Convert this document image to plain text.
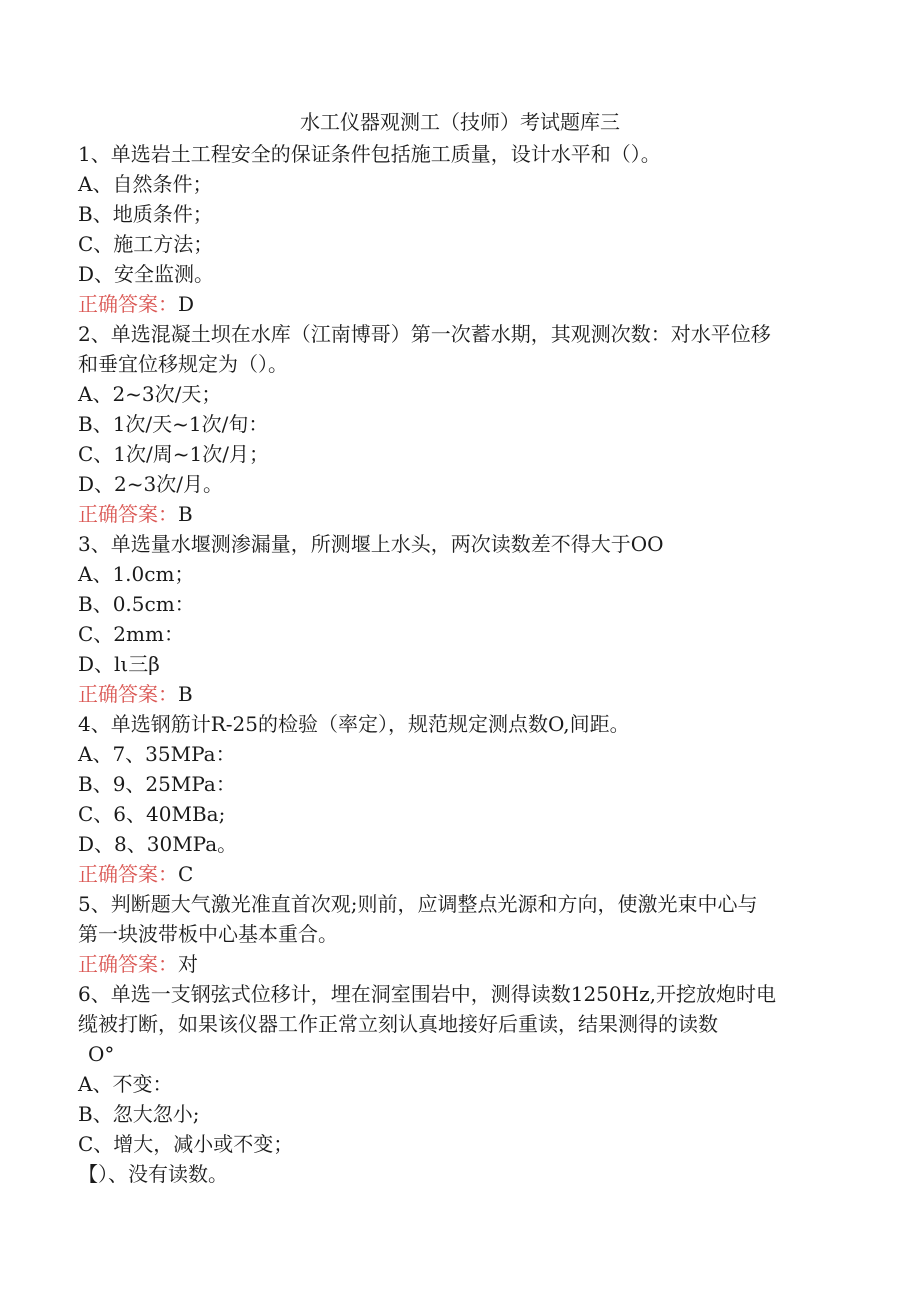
水工仪器观测工（技师）考试题库三
1、单选岩土工程安全的保证条件包括施工质量，设计水平和（）。
A、自然条件；
B、地质条件；
C、施工方法；
D、安全监测。
正确答案：D
2、单选混凝土坝在水库（江南博哥）第一次蓄水期，其观测次数：对水平位移
和垂宜位移规定为（）。
A、2~3次/天；
B、1次/天~1次/旬：
C、1次/周~1次/月；
D、2~3次/月。
正确答案：B
3、单选量水堰测渗漏量，所测堰上水头，两次读数差不得大于OO
A、1.0cm；
B、0.5cm：
C、2mm：
D、lι三β
正确答案：B
4、单选钢筋计R-25的检验（率定），规范规定测点数O,间距。
A、7、35MPa：
B、9、25MPa：
C、6、40MBa;
D、8、30MPa。
正确答案：C
5、判断题大气激光准直首次观;则前，应调整点光源和方向，使激光束中心与
第一块波带板中心基本重合。
正确答案：对
6、单选一支钢弦式位移计，埋在洞室围岩中，测得读数1250Hz,开挖放炮时电
缆被打断，如果该仪器工作正常立刻认真地接好后重读，结果测得的读数
O°
A、不变：
B、忽大忽小;
C、增大，减小或不变；
【）、没有读数。
